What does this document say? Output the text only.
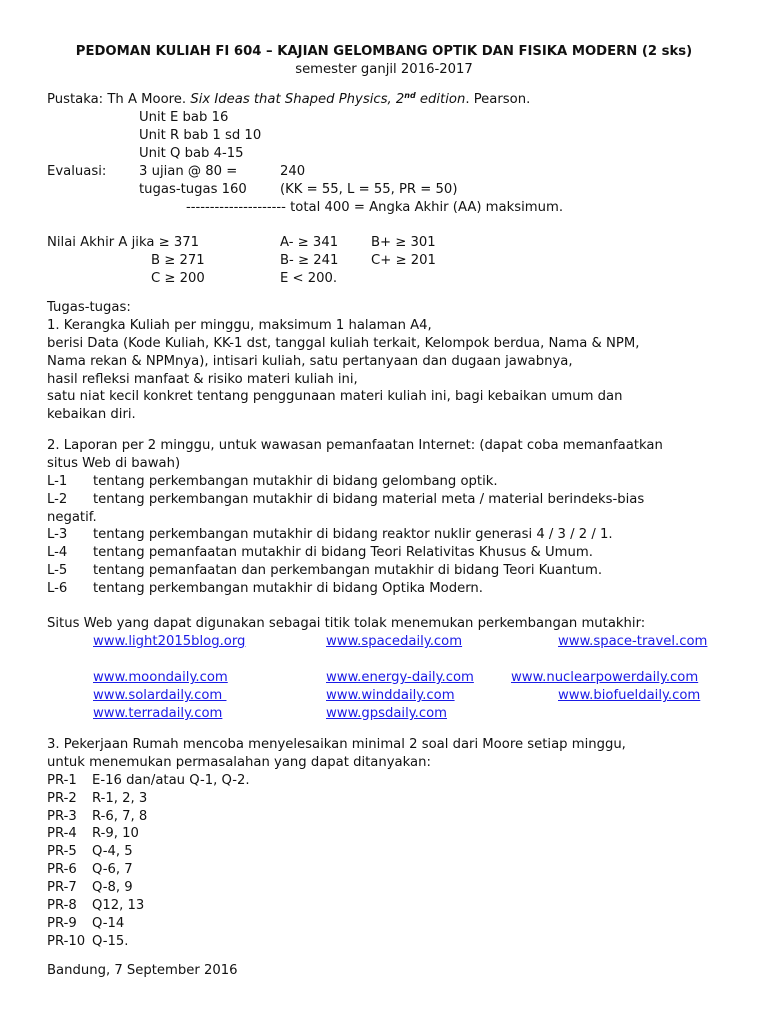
PEDOMAN KULIAH FI 604 – KAJIAN GELOMBANG OPTIK DAN FISIKA MODERN (2 sks)
semester ganjil 2016-2017
Pustaka: Th A Moore. Six Ideas that Shaped Physics, 2nd edition. Pearson.
Unit E bab 16
Unit R bab 1 sd 10
Unit Q bab 4-15
Evaluasi: 3 ujian @ 80 =	240
tugas-tugas 160	(KK = 55, L = 55, PR = 50)
--------------------- total 400 = Angka Akhir (AA) maksimum.
Nilai Akhir A jika ≥ 371	A- ≥ 341 B+ ≥ 301
B ≥ 271	B- ≥ 241 C+ ≥ 201
C ≥ 200	E < 200.
Tugas-tugas:
1. Kerangka Kuliah per minggu, maksimum 1 halaman A4,
berisi Data (Kode Kuliah, KK-1 dst, tanggal kuliah terkait, Kelompok berdua, Nama & NPM,
Nama rekan & NPMnya), intisari kuliah, satu pertanyaan dan dugaan jawabnya,
hasil refleksi manfaat & risiko materi kuliah ini,
satu niat kecil konkret tentang penggunaan materi kuliah ini, bagi kebaikan umum dan
kebaikan diri.
2. Laporan per 2 minggu, untuk wawasan pemanfaatan Internet: (dapat coba memanfaatkan
situs Web di bawah)
L-1 tentang perkembangan mutakhir di bidang gelombang optik.
L-2 tentang perkembangan mutakhir di bidang material meta / material berindeks-bias
negatif.
L-3 tentang perkembangan mutakhir di bidang reaktor nuklir generasi 4 / 3 / 2 / 1.
L-4 tentang pemanfaatan mutakhir di bidang Teori Relativitas Khusus & Umum.
L-5 tentang pemanfaatan dan perkembangan mutakhir di bidang Teori Kuantum.
L-6 tentang perkembangan mutakhir di bidang Optika Modern.
Situs Web yang dapat digunakan sebagai titik tolak menemukan perkembangan mutakhir:
www.light2015blog.org	www.spacedaily.com	www.space-travel.com
www.moondaily.com	www.energy-daily.com	www.nuclearpowerdaily.com
www.solardaily.com	www.winddaily.com	www.biofueldaily.com
www.terradaily.com	www.gpsdaily.com
3. Pekerjaan Rumah mencoba menyelesaikan minimal 2 soal dari Moore setiap minggu,
untuk menemukan permasalahan yang dapat ditanyakan:
PR-1 E-16 dan/atau Q-1, Q-2.
PR-2 R-1, 2, 3
PR-3 R-6, 7, 8
PR-4 R-9, 10
PR-5 Q-4, 5
PR-6 Q-6, 7
PR-7 Q-8, 9
PR-8 Q12, 13
PR-9 Q-14
PR-10 Q-15.
Bandung, 7 September 2016
